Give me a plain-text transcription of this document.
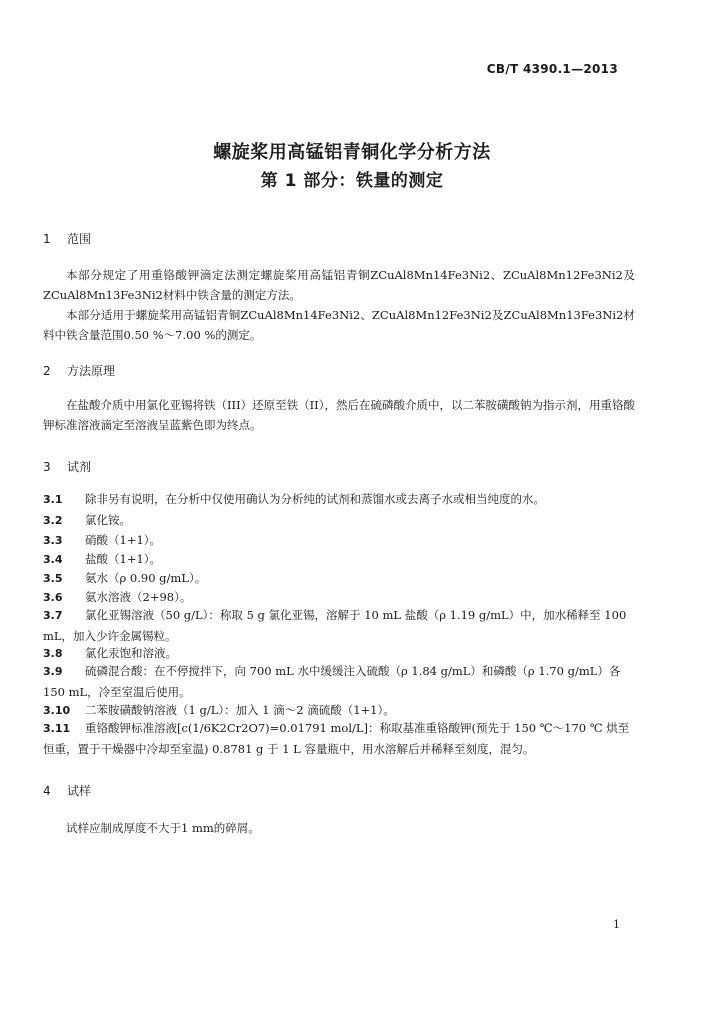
CB/T 4390.1—2013
螺旋桨用高锰铝青铜化学分析方法
第 1 部分：铁量的测定
1 范围
本部分规定了用重铬酸钾滴定法测定螺旋桨用高锰铝青铜ZCuAl8Mn14Fe3Ni2、ZCuAl8Mn12Fe3Ni2及ZCuAl8Mn13Fe3Ni2材料中铁含量的测定方法。
本部分适用于螺旋桨用高锰铝青铜ZCuAl8Mn14Fe3Ni2、ZCuAl8Mn12Fe3Ni2及ZCuAl8Mn13Fe3Ni2材料中铁含量范围0.50 %～7.00 %的测定。
2 方法原理
在盐酸介质中用氯化亚锡将铁（III）还原至铁（II），然后在硫磷酸介质中，以二苯胺磺酸钠为指示剂，用重铬酸钾标准溶液滴定至溶液呈蓝紫色即为终点。
3 试剂
3.1 除非另有说明，在分析中仅使用确认为分析纯的试剂和蒸馏水或去离子水或相当纯度的水。
3.2 氯化铵。
3.3 硝酸（1+1）。
3.4 盐酸（1+1）。
3.5 氨水（ρ 0.90 g/mL）。
3.6 氨水溶液（2+98）。
3.7 氯化亚锡溶液（50 g/L）：称取 5 g 氯化亚锡，溶解于 10 mL 盐酸（ρ 1.19 g/mL）中，加水稀释至 100 mL，加入少许金属锡粒。
3.8 氯化汞饱和溶液。
3.9 硫磷混合酸：在不停搅拌下，向 700 mL 水中缓缓注入硫酸（ρ 1.84 g/mL）和磷酸（ρ 1.70 g/mL）各 150 mL，冷至室温后使用。
3.10 二苯胺磺酸钠溶液（1 g/L）：加入 1 滴～2 滴硫酸（1+1）。
3.11 重铬酸钾标准溶液[c(1/6K2Cr2O7)=0.01791 mol/L]：称取基准重铬酸钾(预先于 150 ℃～170 ℃ 烘至恒重，置于干燥器中冷却至室温) 0.8781 g 于 1 L 容量瓶中，用水溶解后并稀释至刻度，混匀。
4 试样
试样应制成厚度不大于1 mm的碎屑。
1
